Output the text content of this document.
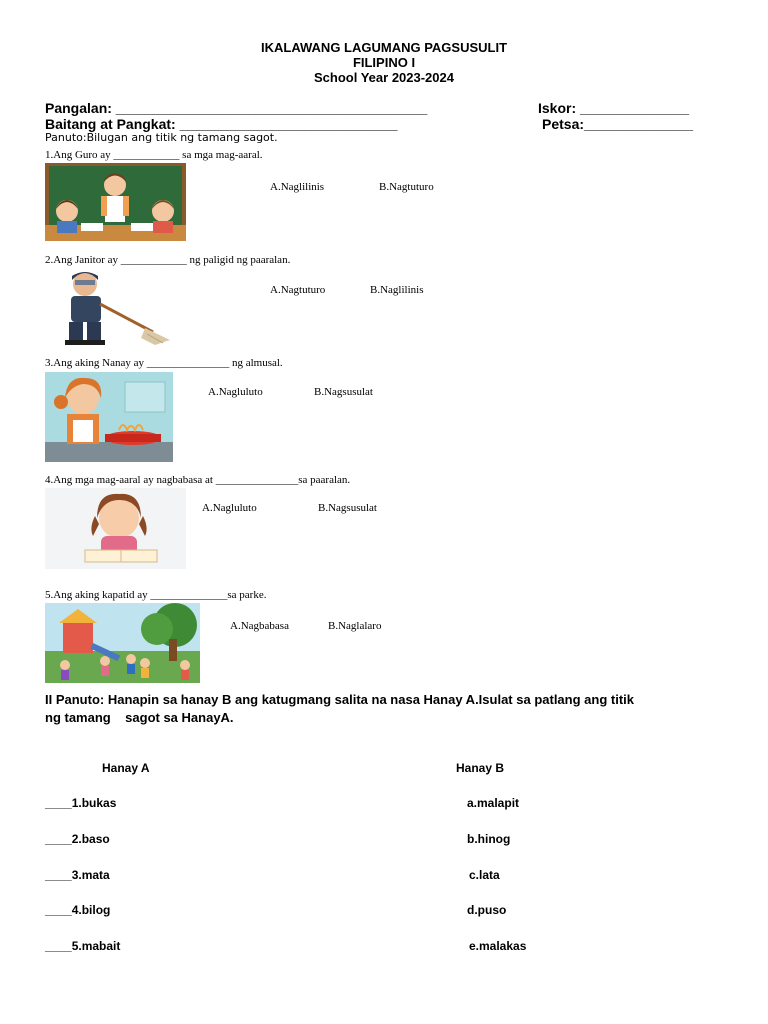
IKALAWANG LAGUMANG PAGSUSULIT
FILIPINO I
School Year 2023-2024
Pangalan: ________________________________________	Iskor: ______________
Baitang at Pangkat: ____________________________	Petsa:______________
Panuto:Bilugan ang titik ng tamang sagot.
1.Ang Guro ay ____________ sa mga mag-aaral.
A.Naglilinis	B.Nagtuturo
2.Ang Janitor ay ____________ ng paligid ng paaralan.
A.Nagtuturo	B.Naglilinis
3.Ang aking Nanay ay _______________ ng almusal.
A.Nagluluto	B.Nagsusulat
4.Ang mga mag-aaral ay nagbabasa at _______________sa paaralan.
A.Nagluluto	B.Nagsusulat
5.Ang aking kapatid ay ______________sa parke.
A.Nagbabasa	B.Naglalaro
II Panuto: Hanapin sa hanay B ang katugmang salita na nasa Hanay A.Isulat sa patlang ang titik
ng tamang    sagot sa HanayA.
Hanay A	Hanay B
____1.bukas	a.malapit
____2.baso	b.hinog
____3.mata	c.lata
____4.bilog	d.puso
____5.mabait	e.malakas
